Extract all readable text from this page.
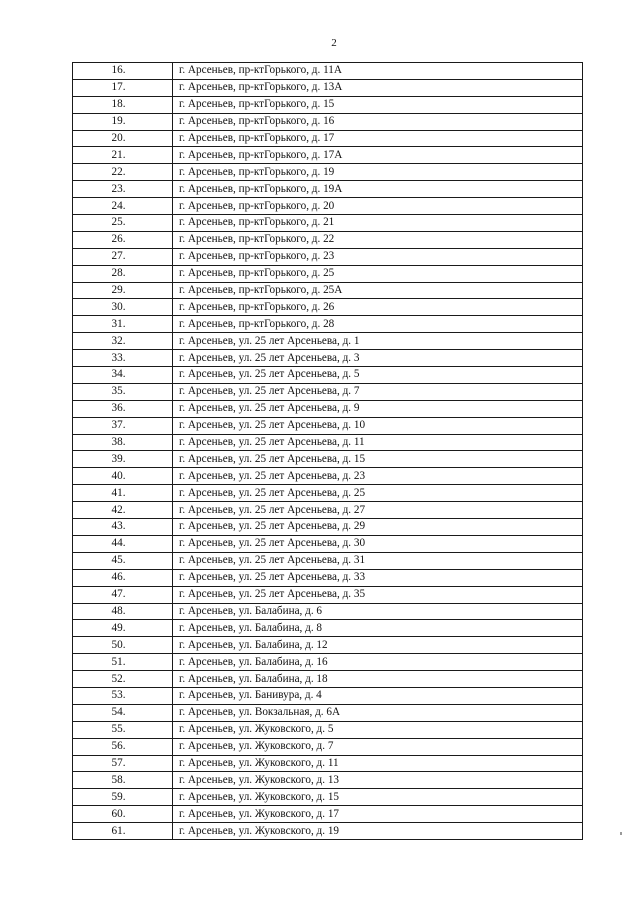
2
16.	г. Арсеньев, пр-ктГорького, д. 11А
17.	г. Арсеньев, пр-ктГорького, д. 13А
18.	г. Арсеньев, пр-ктГорького, д. 15
19.	г. Арсеньев, пр-ктГорького, д. 16
20.	г. Арсеньев, пр-ктГорького, д. 17
21.	г. Арсеньев, пр-ктГорького, д. 17А
22.	г. Арсеньев, пр-ктГорького, д. 19
23.	г. Арсеньев, пр-ктГорького, д. 19А
24.	г. Арсеньев, пр-ктГорького, д. 20
25.	г. Арсеньев, пр-ктГорького, д. 21
26.	г. Арсеньев, пр-ктГорького, д. 22
27.	г. Арсеньев, пр-ктГорького, д. 23
28.	г. Арсеньев, пр-ктГорького, д. 25
29.	г. Арсеньев, пр-ктГорького, д. 25А
30.	г. Арсеньев, пр-ктГорького, д. 26
31.	г. Арсеньев, пр-ктГорького, д. 28
32.	г. Арсеньев, ул. 25 лет Арсеньева, д. 1
33.	г. Арсеньев, ул. 25 лет Арсеньева, д. 3
34.	г. Арсеньев, ул. 25 лет Арсеньева, д. 5
35.	г. Арсеньев, ул. 25 лет Арсеньева, д. 7
36.	г. Арсеньев, ул. 25 лет Арсеньева, д. 9
37.	г. Арсеньев, ул. 25 лет Арсеньева, д. 10
38.	г. Арсеньев, ул. 25 лет Арсеньева, д. 11
39.	г. Арсеньев, ул. 25 лет Арсеньева, д. 15
40.	г. Арсеньев, ул. 25 лет Арсеньева, д. 23
41.	г. Арсеньев, ул. 25 лет Арсеньева, д. 25
42.	г. Арсеньев, ул. 25 лет Арсеньева, д. 27
43.	г. Арсеньев, ул. 25 лет Арсеньева, д. 29
44.	г. Арсеньев, ул. 25 лет Арсеньева, д. 30
45.	г. Арсеньев, ул. 25 лет Арсеньева, д. 31
46.	г. Арсеньев, ул. 25 лет Арсеньева, д. 33
47.	г. Арсеньев, ул. 25 лет Арсеньева, д. 35
48.	г. Арсеньев, ул. Балабина, д. 6
49.	г. Арсеньев, ул. Балабина, д. 8
50.	г. Арсеньев, ул. Балабина, д. 12
51.	г. Арсеньев, ул. Балабина, д. 16
52.	г. Арсеньев, ул. Балабина, д. 18
53.	г. Арсеньев, ул. Банивура, д. 4
54.	г. Арсеньев, ул. Вокзальная, д. 6А
55.	г. Арсеньев, ул. Жуковского, д. 5
56.	г. Арсеньев, ул. Жуковского, д. 7
57.	г. Арсеньев, ул. Жуковского, д. 11
58.	г. Арсеньев, ул. Жуковского, д. 13
59.	г. Арсеньев, ул. Жуковского, д. 15
60.	г. Арсеньев, ул. Жуковского, д. 17
61.	г. Арсеньев, ул. Жуковского, д. 19
